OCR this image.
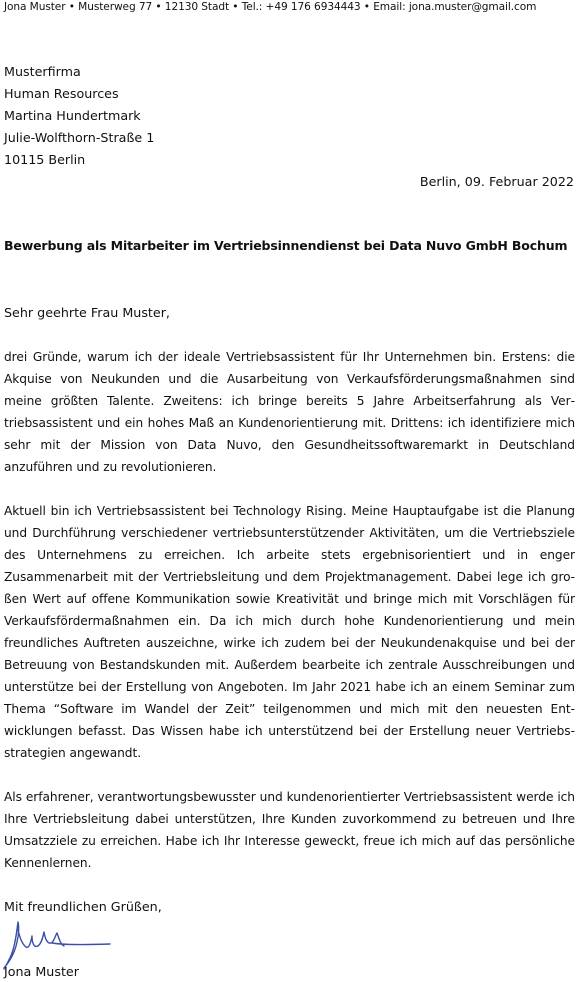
Jona Muster • Musterweg 77 • 12130 Stadt • Tel.: +49 176 6934443 • Email: jona.muster@gmail.com
Musterfirma
Human Resources
Martina Hundertmark
Julie-Wolfthorn-Straße 1
10115 Berlin
Berlin, 09. Februar 2022
Bewerbung als Mitarbeiter im Vertriebsinnendienst bei Data Nuvo GmbH Bochum
Sehr geehrte Frau Muster,
drei Gründe, warum ich der ideale Vertriebsassistent für Ihr Unternehmen bin. Erstens: die Akquise von Neukunden und die Ausarbeitung von Verkaufsförderungsmaßnahmen sind meine größten Talente. Zweitens: ich bringe bereits 5 Jahre Arbeitserfahrung als Vertriebsassistent und ein hohes Maß an Kundenorientierung mit. Drittens: ich identifiziere mich sehr mit der Mission von Data Nuvo, den Gesundheitssoftwaremarkt in Deutschland anzuführen und zu revolutionieren.
Aktuell bin ich Vertriebsassistent bei Technology Rising. Meine Hauptaufgabe ist die Planung und Durchführung verschiedener vertriebsunterstützender Aktivitäten, um die Vertriebsziele des Unternehmens zu erreichen. Ich arbeite stets ergebnisorientiert und in enger Zusammenarbeit mit der Vertriebsleitung und dem Projektmanagement. Dabei lege ich großen Wert auf offene Kommunikation sowie Kreativität und bringe mich mit Vorschlägen für Verkaufsfördermaßnahmen ein. Da ich mich durch hohe Kundenorientierung und mein freundliches Auftreten auszeichne, wirke ich zudem bei der Neukundenakquise und bei der Betreuung von Bestandskunden mit. Außerdem bearbeite ich zentrale Ausschreibungen und unterstütze bei der Erstellung von Angeboten. Im Jahr 2021 habe ich an einem Seminar zum Thema “Software im Wandel der Zeit” teilgenommen und mich mit den neuesten Entwicklungen befasst. Das Wissen habe ich unterstützend bei der Erstellung neuer Vertriebsstrategien angewandt.
Als erfahrener, verantwortungsbewusster und kundenorientierter Vertriebsassistent werde ich Ihre Vertriebsleitung dabei unterstützen, Ihre Kunden zuvorkommend zu betreuen und Ihre Umsatzziele zu erreichen. Habe ich Ihr Interesse geweckt, freue ich mich auf das persönliche Kennenlernen.
Mit freundlichen Grüßen,
Jona Muster
